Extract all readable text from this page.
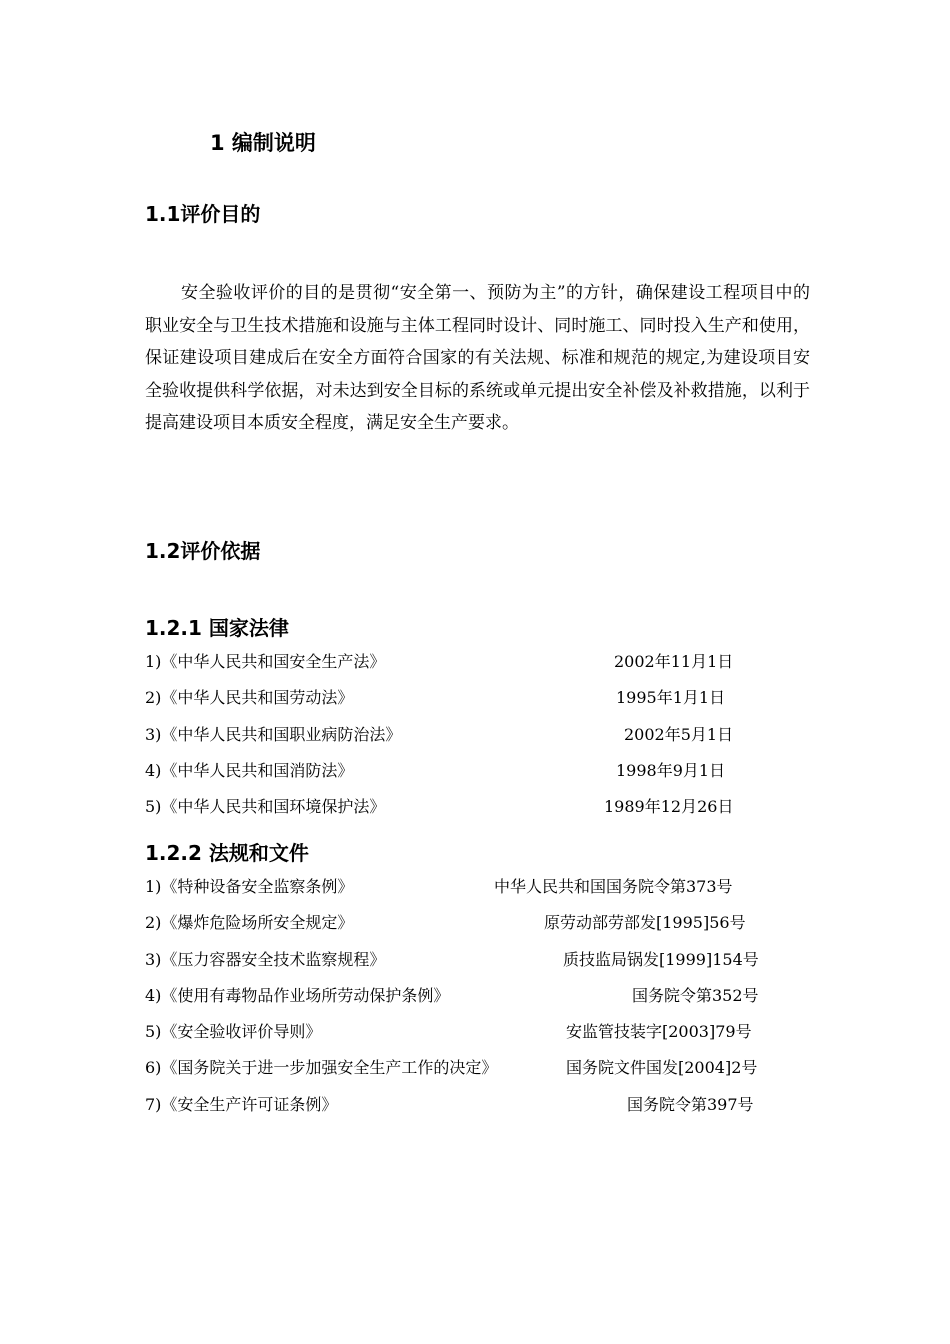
1 编制说明
1.1评价目的

安全验收评价的目的是贯彻“安全第一、预防为主”的方针，确保建设工程项目中的职业安全与卫生技术措施和设施与主体工程同时设计、同时施工、同时投入生产和使用，保证建设项目建成后在安全方面符合国家的有关法规、标准和规范的规定,为建设项目安全验收提供科学依据，对未达到安全目标的系统或单元提出安全补偿及补救措施，以利于提高建设项目本质安全程度，满足安全生产要求。

1.2评价依据
1.2.1 国家法律
1)《中华人民共和国安全生产法》	2002年11月1日
2)《中华人民共和国劳动法》	1995年1月1日
3)《中华人民共和国职业病防治法》	2002年5月1日
4)《中华人民共和国消防法》	1998年9月1日
5)《中华人民共和国环境保护法》	1989年12月26日
1.2.2 法规和文件
1)《特种设备安全监察条例》	中华人民共和国国务院令第373号
2)《爆炸危险场所安全规定》	原劳动部劳部发[1995]56号
3)《压力容器安全技术监察规程》	质技监局锅发[1999]154号
4)《使用有毒物品作业场所劳动保护条例》	国务院令第352号
5)《安全验收评价导则》	安监管技装字[2003]79号
6)《国务院关于进一步加强安全生产工作的决定》	国务院文件国发[2004]2号
7)《安全生产许可证条例》	国务院令第397号
